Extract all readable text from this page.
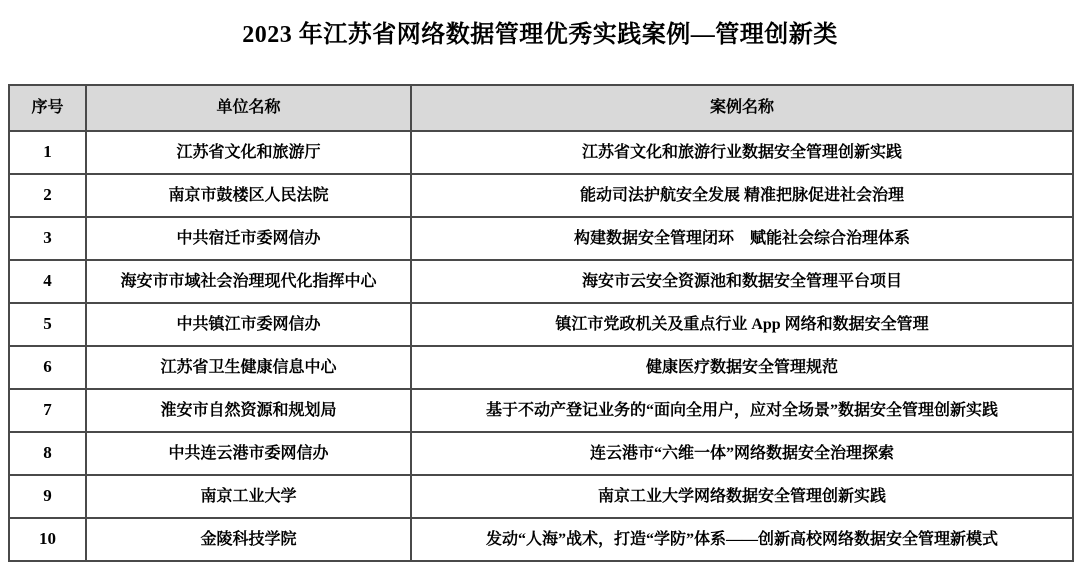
2023 年江苏省网络数据管理优秀实践案例—管理创新类
序号	单位名称	案例名称
1	江苏省文化和旅游厅	江苏省文化和旅游行业数据安全管理创新实践
2	南京市鼓楼区人民法院	能动司法护航安全发展 精准把脉促进社会治理
3	中共宿迁市委网信办	构建数据安全管理闭环　赋能社会综合治理体系
4	海安市市域社会治理现代化指挥中心	海安市云安全资源池和数据安全管理平台项目
5	中共镇江市委网信办	镇江市党政机关及重点行业 App 网络和数据安全管理
6	江苏省卫生健康信息中心	健康医疗数据安全管理规范
7	淮安市自然资源和规划局	基于不动产登记业务的“面向全用户，应对全场景”数据安全管理创新实践
8	中共连云港市委网信办	连云港市“六维一体”网络数据安全治理探索
9	南京工业大学	南京工业大学网络数据安全管理创新实践
10	金陵科技学院	发动“人海”战术，打造“学防”体系——创新高校网络数据安全管理新模式
